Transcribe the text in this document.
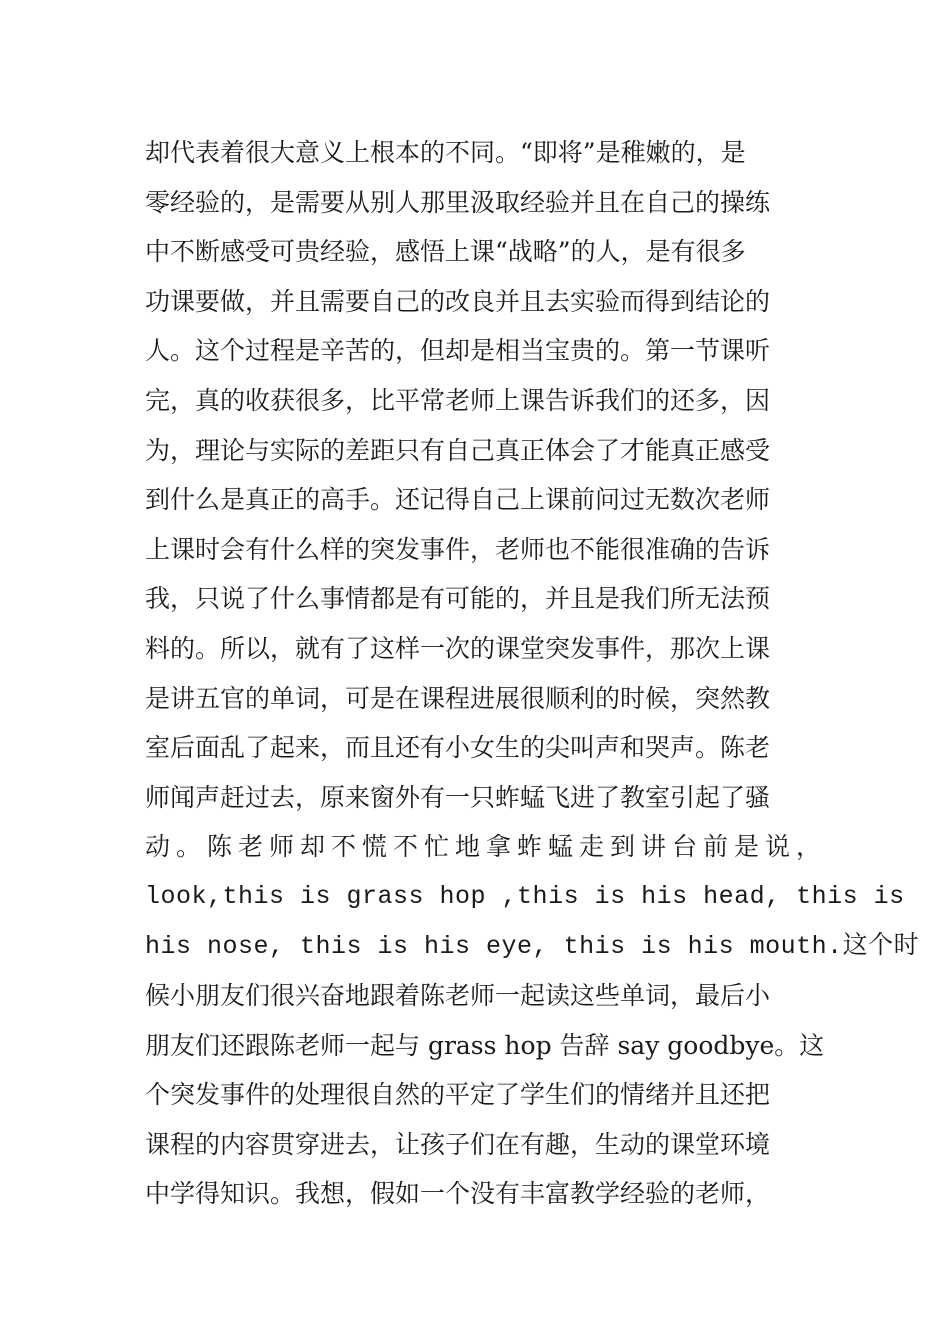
却代表着很大意义上根本的不同。“即将”是稚嫩的，是
零经验的，是需要从别人那里汲取经验并且在自己的操练
中不断感受可贵经验，感悟上课“战略”的人，是有很多
功课要做，并且需要自己的改良并且去实验而得到结论的
人。这个过程是辛苦的，但却是相当宝贵的。第一节课听
完，真的收获很多，比平常老师上课告诉我们的还多，因
为，理论与实际的差距只有自己真正体会了才能真正感受
到什么是真正的高手。还记得自己上课前问过无数次老师
上课时会有什么样的突发事件，老师也不能很准确的告诉
我，只说了什么事情都是有可能的，并且是我们所无法预
料的。所以，就有了这样一次的课堂突发事件，那次上课
是讲五官的单词，可是在课程进展很顺利的时候，突然教
室后面乱了起来，而且还有小女生的尖叫声和哭声。陈老
师闻声赶过去，原来窗外有一只蚱蜢飞进了教室引起了骚
动。陈老师却不慌不忙地拿蚱蜢走到讲台前是说，
look,this is grass hop ,this is his head, this is
his nose, this is his eye, this is his mouth.这个时
候小朋友们很兴奋地跟着陈老师一起读这些单词，最后小
朋友们还跟陈老师一起与 grass hop 告辞 say goodbye。这
个突发事件的处理很自然的平定了学生们的情绪并且还把
课程的内容贯穿进去，让孩子们在有趣，生动的课堂环境
中学得知识。我想，假如一个没有丰富教学经验的老师，
